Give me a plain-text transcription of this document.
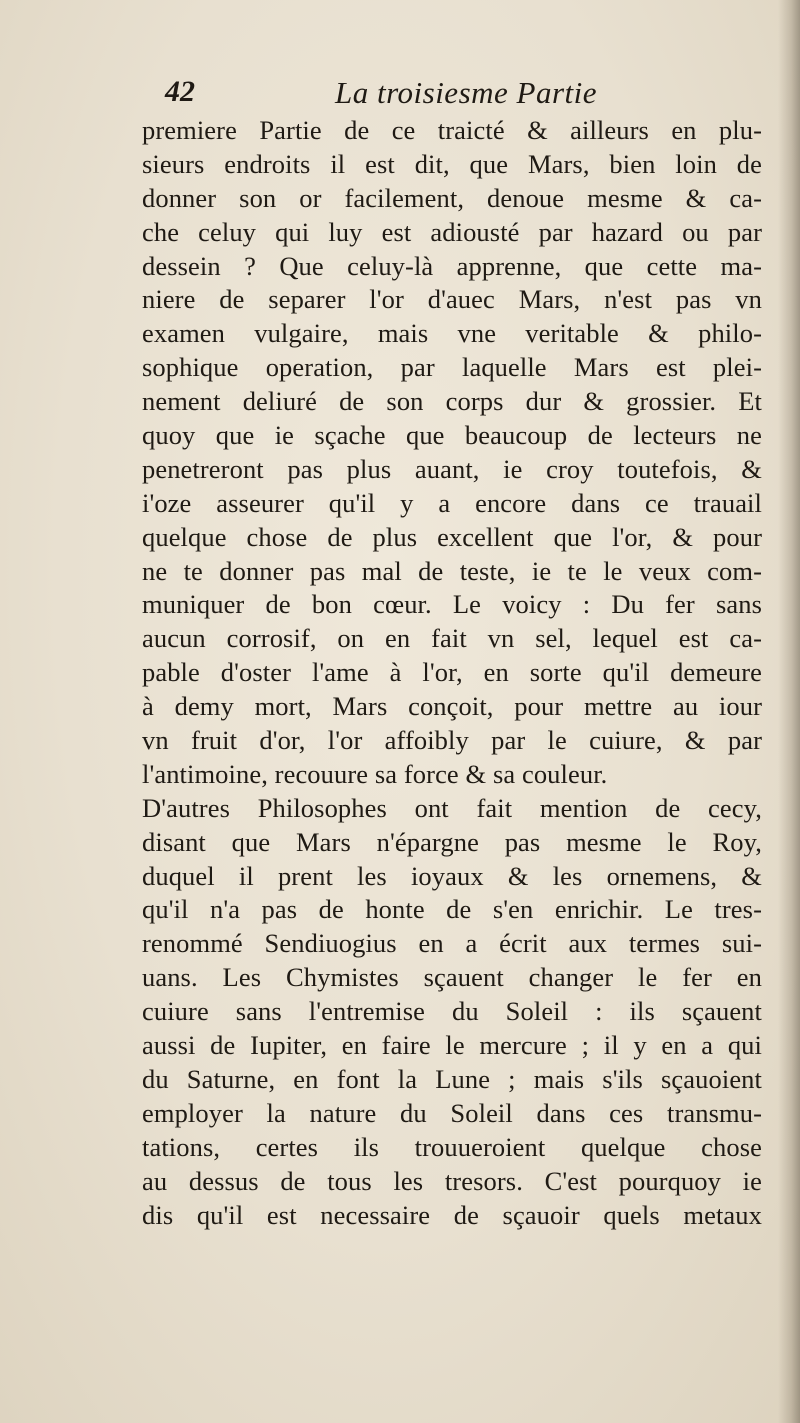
42	La troisiesme Partie
premiere Partie de ce traicté & ailleurs en plu-
sieurs endroits il est dit, que Mars, bien loin de
donner son or facilement, denoue mesme & ca-
che celuy qui luy est adiousté par hazard ou par
dessein ? Que celuy-là apprenne, que cette ma-
niere de separer l'or d'auec Mars, n'est pas vn
examen vulgaire, mais vne veritable & philo-
sophique operation, par laquelle Mars est plei-
nement deliuré de son corps dur & grossier. Et
quoy que ie sçache que beaucoup de lecteurs ne
penetreront pas plus auant, ie croy toutefois, &
i'oze asseurer qu'il y a encore dans ce trauail
quelque chose de plus excellent que l'or, & pour
ne te donner pas mal de teste, ie te le veux com-
muniquer de bon cœur. Le voicy : Du fer sans
aucun corrosif, on en fait vn sel, lequel est ca-
pable d'oster l'ame à l'or, en sorte qu'il demeure
à demy mort, Mars conçoit, pour mettre au iour
vn fruit d'or, l'or affoibly par le cuiure, & par
l'antimoine, recouure sa force & sa couleur.
D'autres Philosophes ont fait mention de cecy,
disant que Mars n'épargne pas mesme le Roy,
duquel il prent les ioyaux & les ornemens, &
qu'il n'a pas de honte de s'en enrichir. Le tres-
renommé Sendiuogius en a écrit aux termes sui-
uans. Les Chymistes sçauent changer le fer en
cuiure sans l'entremise du Soleil : ils sçauent
aussi de Iupiter, en faire le mercure ; il y en a qui
du Saturne, en font la Lune ; mais s'ils sçauoient
employer la nature du Soleil dans ces transmu-
tations, certes ils trouueroient quelque chose
au dessus de tous les tresors. C'est pourquoy ie
dis qu'il est necessaire de sçauoir quels metaux
